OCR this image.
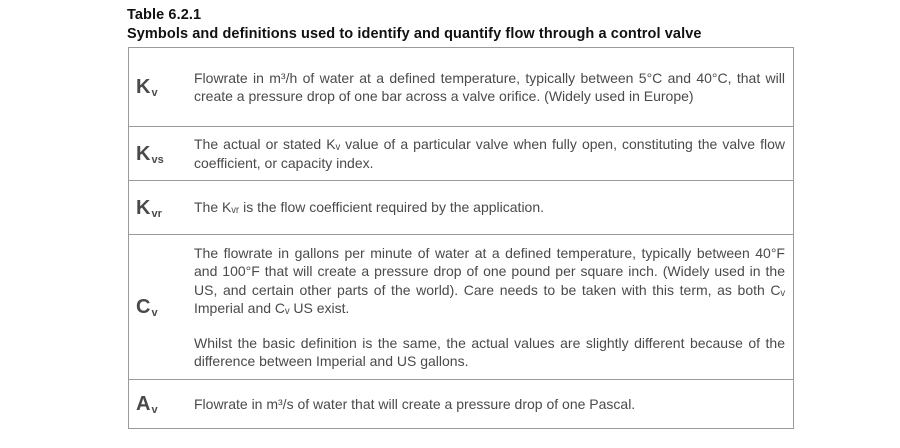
Table 6.2.1
Symbols and definitions used to identify and quantify flow through a control valve
K v

Flowrate in m³/h of water at a defined temperature, typically between 5°C and 40°C, that will create a pressure drop of one bar across a valve orifice. (Widely used in Europe)

K vs

The actual or stated Kᵥ value of a particular valve when fully open, constituting the valve flow coefficient, or capacity index.

K vr The Kᵥᵣ is the flow coefficient required by the application.

C v

The flowrate in gallons per minute of water at a defined temperature, typically between 40°F and 100°F that will create a pressure drop of one pound per square inch. (Widely used in the US, and certain other parts of the world). Care needs to be taken with this term, as both Cᵥ Imperial and Cᵥ US exist.

Whilst the basic definition is the same, the actual values are slightly different because of the difference between Imperial and US gallons.

A v	Flowrate in m³/s of water that will create a pressure drop of one Pascal.
